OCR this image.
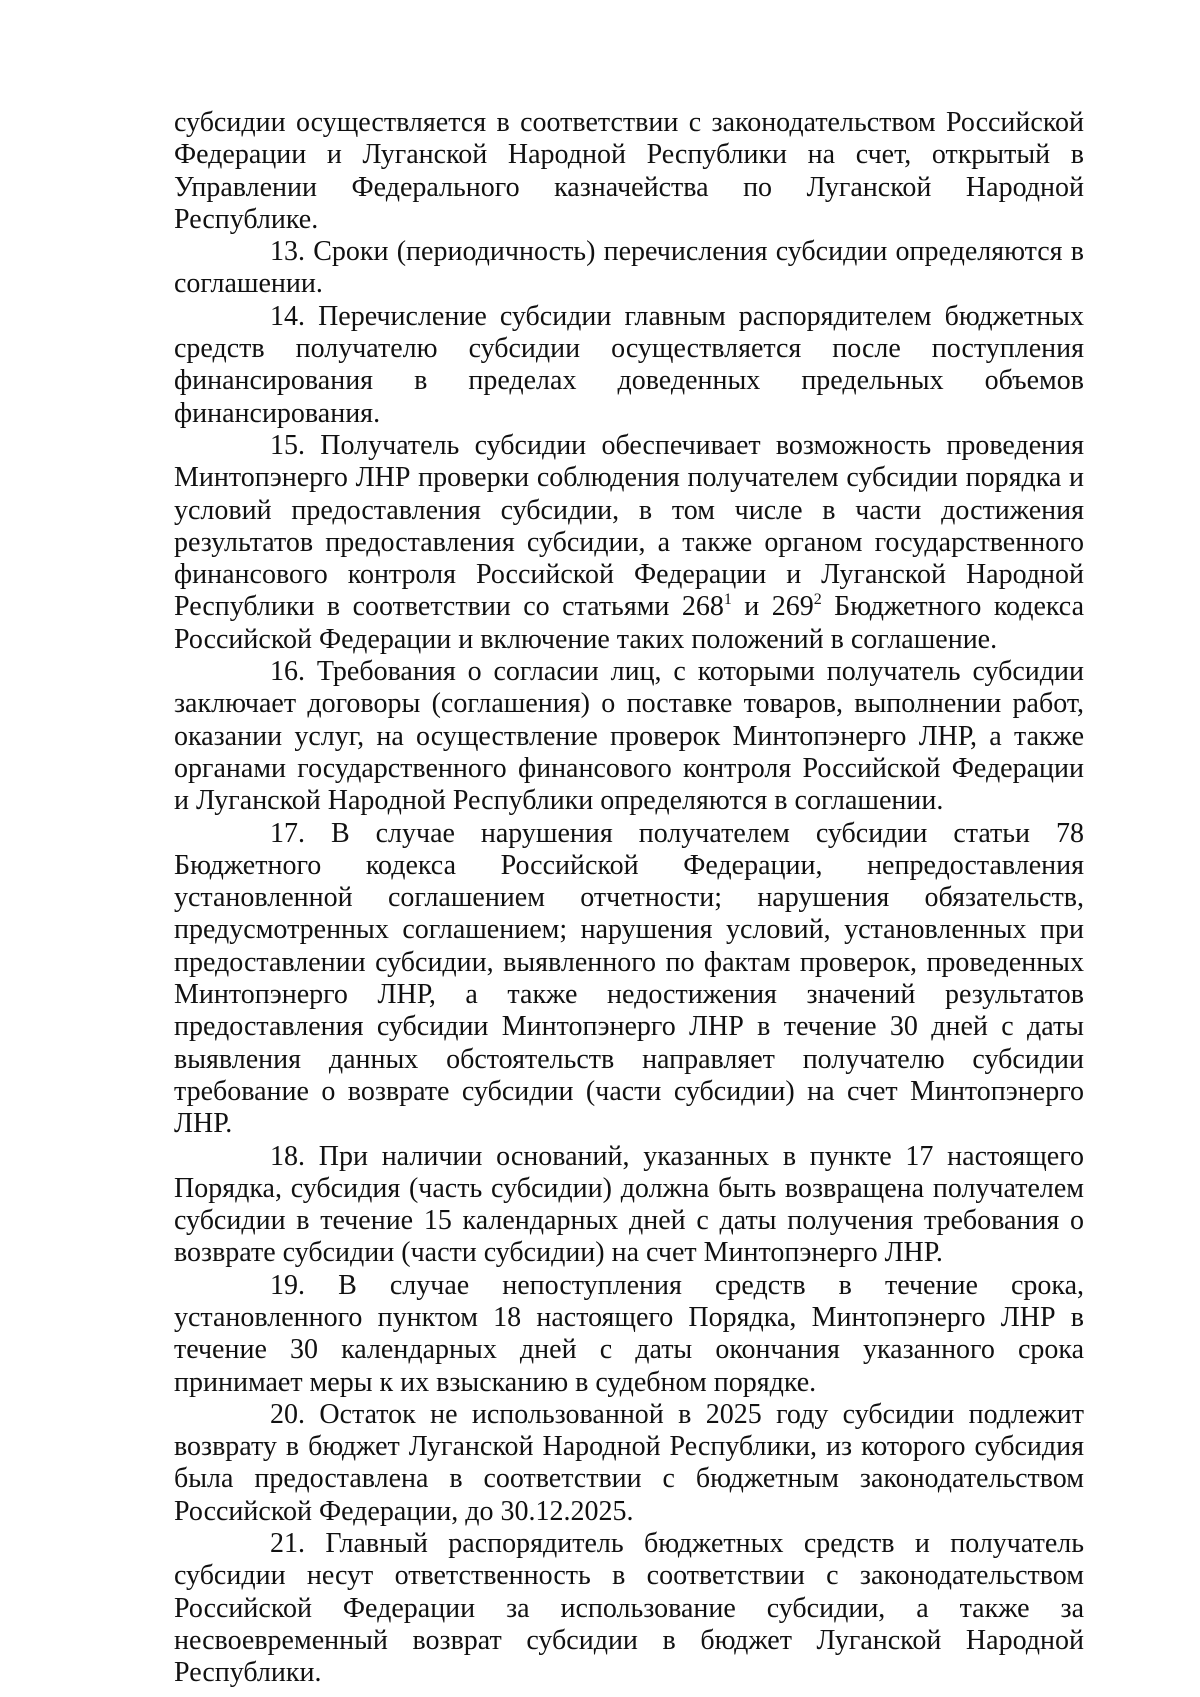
субсидии осуществляется в соответствии с законодательством Российской Федерации и Луганской Народной Республики на счет, открытый в Управлении Федерального казначейства по Луганской Народной Республике.

13. Сроки (периодичность) перечисления субсидии определяются в соглашении.

14. Перечисление субсидии главным распорядителем бюджетных средств получателю субсидии осуществляется после поступления финансирования в пределах доведенных предельных объемов финансирования.

15. Получатель субсидии обеспечивает возможность проведения Минтопэнерго ЛНР проверки соблюдения получателем субсидии порядка и условий предоставления субсидии, в том числе в части достижения результатов предоставления субсидии, а также органом государственного финансового контроля Российской Федерации и Луганской Народной Республики в соответствии со статьями $268^1$ и $269^2$ Бюджетного кодекса Российской Федерации и включение таких положений в соглашение.

16. Требования о согласии лиц, с которыми получатель субсидии заключает договоры (соглашения) о поставке товаров, выполнении работ, оказании услуг, на осуществление проверок Минтопэнерго ЛНР, а также органами государственного финансового контроля Российской Федерации и Луганской Народной Республики определяются в соглашении.

17. В случае нарушения получателем субсидии статьи 78 Бюджетного кодекса Российской Федерации, непредоставления установленной соглашением отчетности; нарушения обязательств, предусмотренных соглашением; нарушения условий, установленных при предоставлении субсидии, выявленного по фактам проверок, проведенных Минтопэнерго ЛНР, а также недостижения значений результатов предоставления субсидии Минтопэнерго ЛНР в течение 30 дней с даты выявления данных обстоятельств направляет получателю субсидии требование о возврате субсидии (части субсидии) на счет Минтопэнерго ЛНР.

18. При наличии оснований, указанных в пункте 17 настоящего Порядка, субсидия (часть субсидии) должна быть возвращена получателем субсидии в течение 15 календарных дней с даты получения требования о возврате субсидии (части субсидии) на счет Минтопэнерго ЛНР.

19. В случае непоступления средств в течение срока, установленного пунктом 18 настоящего Порядка, Минтопэнерго ЛНР в течение 30 календарных дней с даты окончания указанного срока принимает меры к их взысканию в судебном порядке.

20. Остаток не использованной в 2025 году субсидии подлежит возврату в бюджет Луганской Народной Республики, из которого субсидия была предоставлена в соответствии с бюджетным законодательством Российской Федерации, до 30.12.2025.

21. Главный распорядитель бюджетных средств и получатель субсидии несут ответственность в соответствии с законодательством Российской Федерации за использование субсидии, а также за несвоевременный возврат субсидии в бюджет Луганской Народной Республики.
